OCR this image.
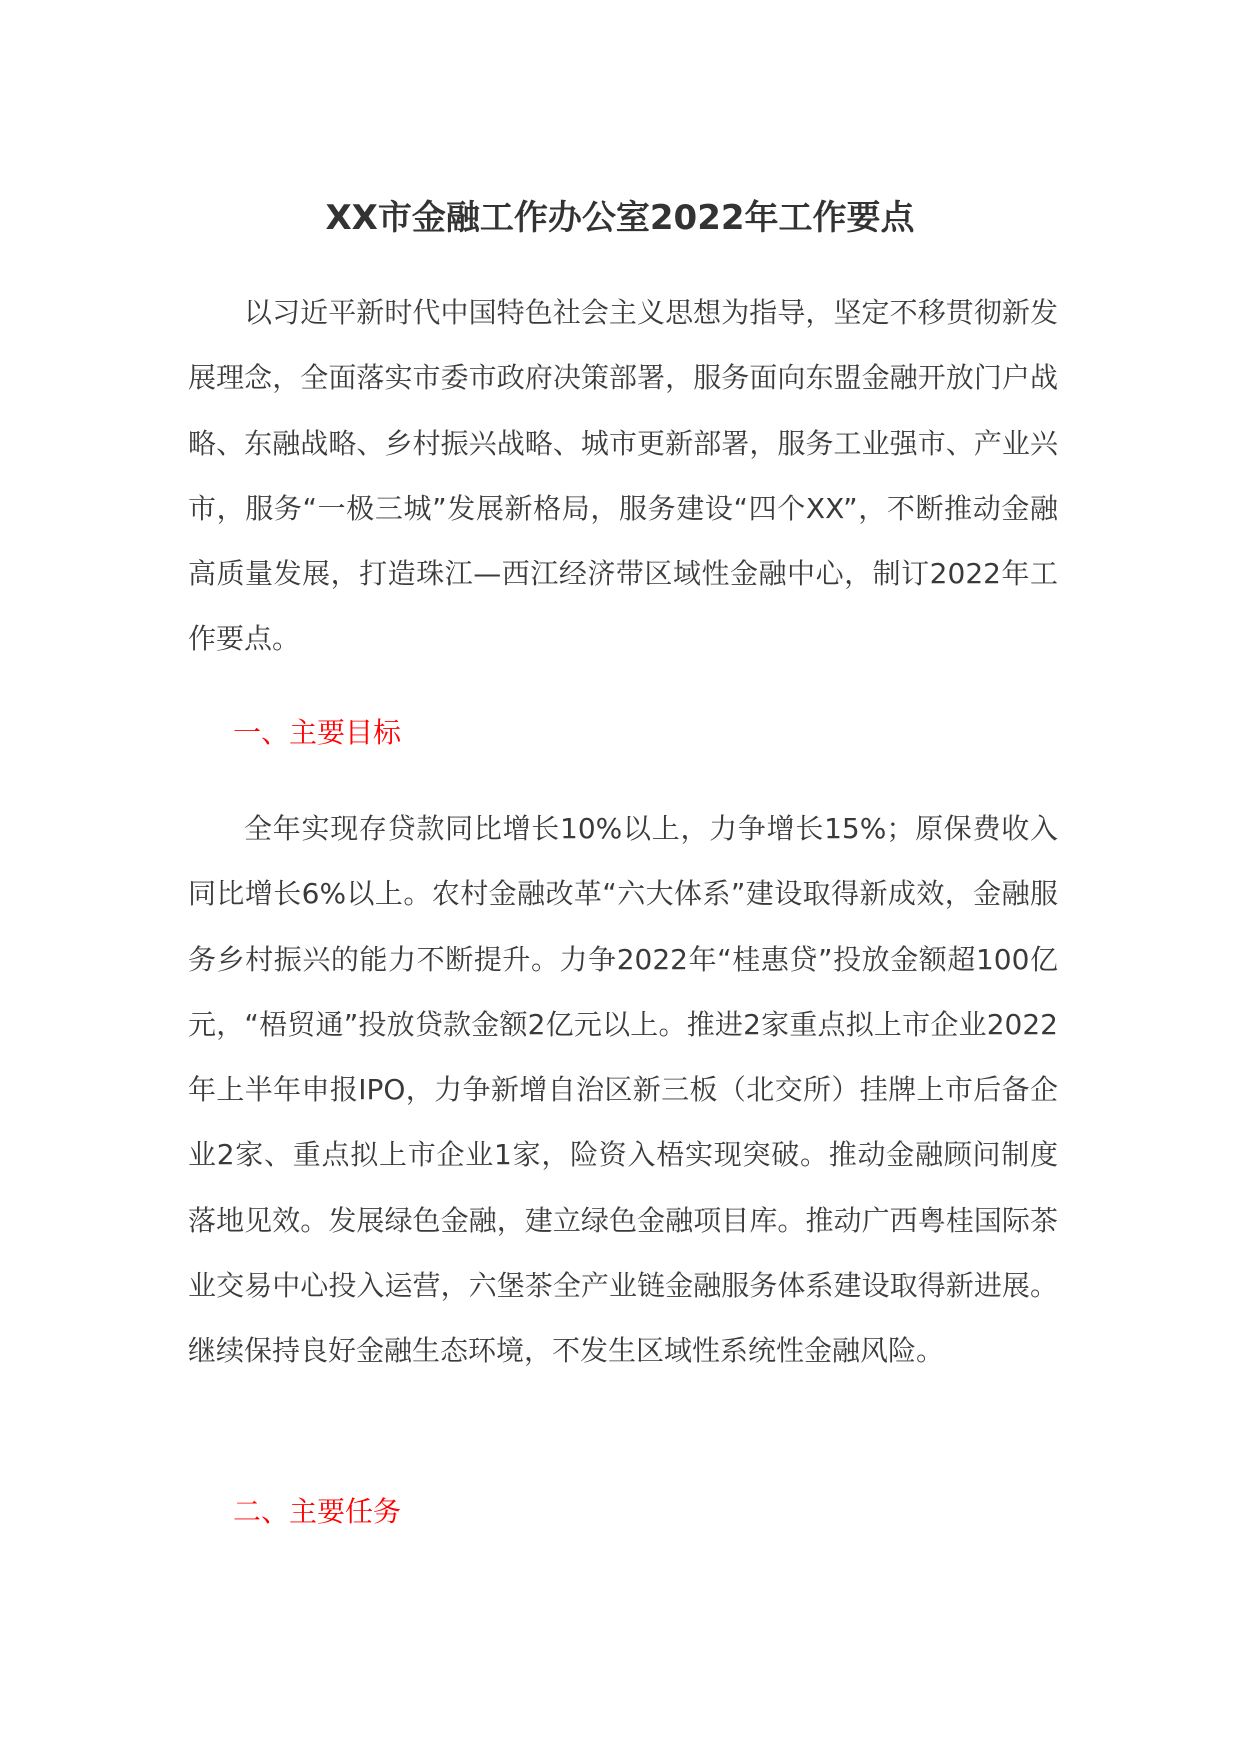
XX市金融工作办公室2022年工作要点

以习近平新时代中国特色社会主义思想为指导，坚定不移贯彻新发展理念，全面落实市委市政府决策部署，服务面向东盟金融开放门户战略、东融战略、乡村振兴战略、城市更新部署，服务工业强市、产业兴市，服务“一极三城”发展新格局，服务建设“四个XX”，不断推动金融高质量发展，打造珠江—西江经济带区域性金融中心，制订2022年工作要点。

一、主要目标

全年实现存贷款同比增长10%以上，力争增长15%；原保费收入同比增长6%以上。农村金融改革“六大体系”建设取得新成效，金融服务乡村振兴的能力不断提升。力争2022年“桂惠贷”投放金额超100亿元，“梧贸通”投放贷款金额2亿元以上。推进2家重点拟上市企业2022年上半年申报IPO，力争新增自治区新三板（北交所）挂牌上市后备企业2家、重点拟上市企业1家，险资入梧实现突破。推动金融顾问制度落地见效。发展绿色金融，建立绿色金融项目库。推动广西粤桂国际茶业交易中心投入运营，六堡茶全产业链金融服务体系建设取得新进展。继续保持良好金融生态环境，不发生区域性系统性金融风险。

二、主要任务
